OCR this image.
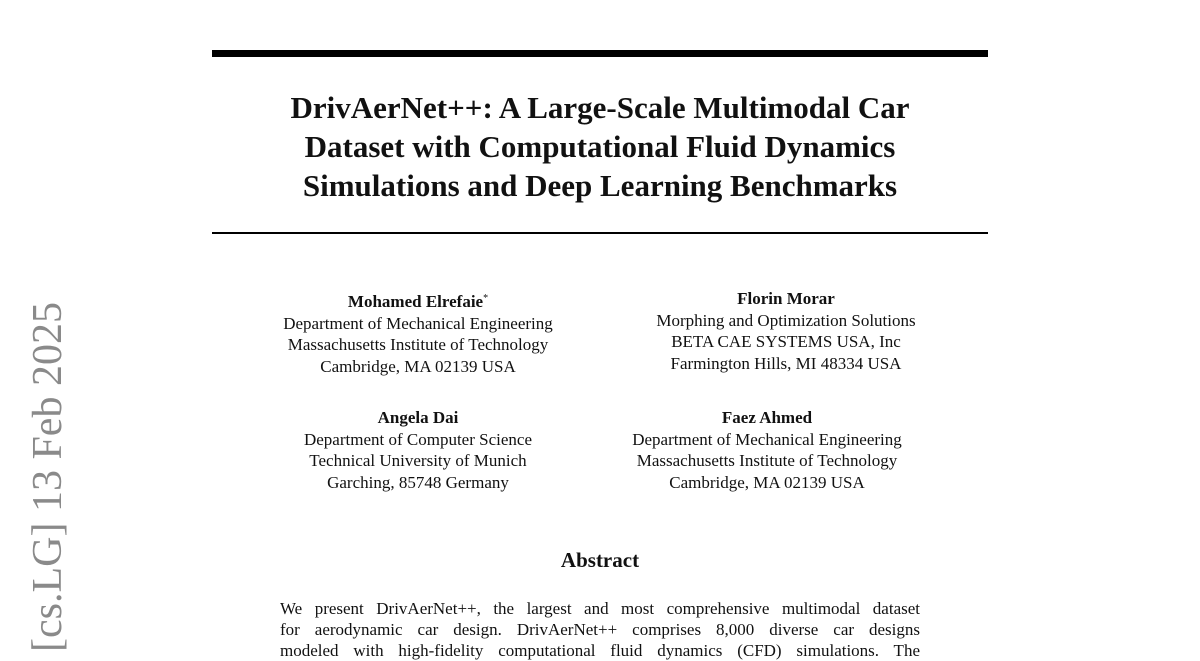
DrivAerNet++: A Large-Scale Multimodal Car
Dataset with Computational Fluid Dynamics
Simulations and Deep Learning Benchmarks
Mohamed Elrefaie*
Department of Mechanical Engineering
Massachusetts Institute of Technology
Cambridge, MA 02139 USA
Florin Morar
Morphing and Optimization Solutions
BETA CAE SYSTEMS USA, Inc
Farmington Hills, MI 48334 USA
Angela Dai
Department of Computer Science
Technical University of Munich
Garching, 85748 Germany
Faez Ahmed
Department of Mechanical Engineering
Massachusetts Institute of Technology
Cambridge, MA 02139 USA
Abstract
We present DrivAerNet++, the largest and most comprehensive multimodal dataset
for aerodynamic car design. DrivAerNet++ comprises 8,000 diverse car designs
modeled with high-fidelity computational fluid dynamics (CFD) simulations. The
[cs.LG] 13 Feb 2025
